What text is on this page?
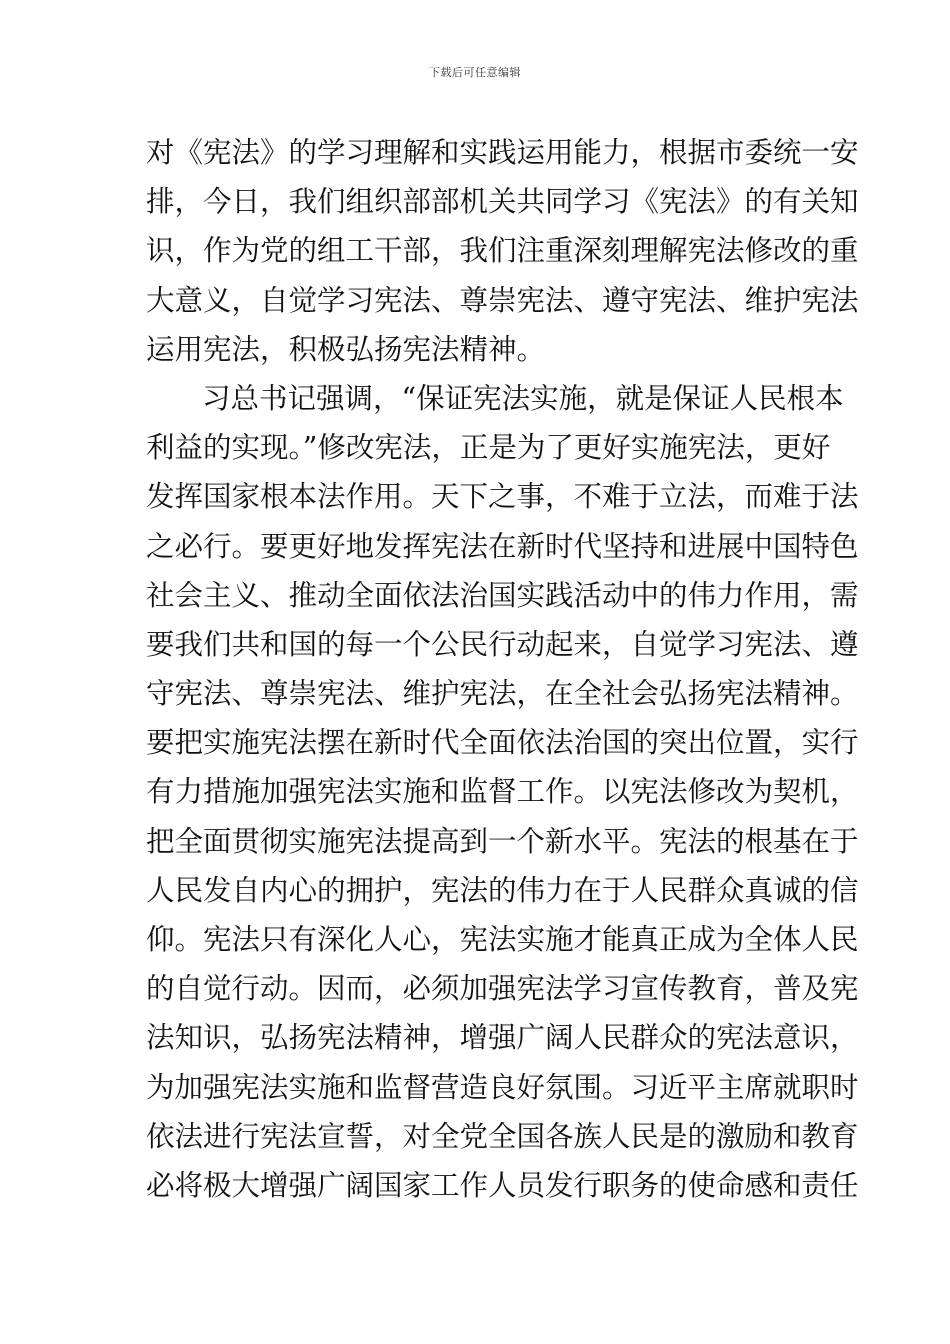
下载后可任意编辑
对《宪法》的学习理解和实践运用能力，根据市委统一安
排，今日，我们组织部部机关共同学习《宪法》的有关知
识，作为党的组工干部，我们注重深刻理解宪法修改的重
大意义，自觉学习宪法、尊崇宪法、遵守宪法、维护宪法
运用宪法，积极弘扬宪法精神。
习总书记强调，“保证宪法实施，就是保证人民根本
利益的实现。”修改宪法，正是为了更好实施宪法，更好
发挥国家根本法作用。天下之事，不难于立法，而难于法
之必行。要更好地发挥宪法在新时代坚持和进展中国特色
社会主义、推动全面依法治国实践活动中的伟力作用，需
要我们共和国的每一个公民行动起来，自觉学习宪法、遵
守宪法、尊崇宪法、维护宪法，在全社会弘扬宪法精神。
要把实施宪法摆在新时代全面依法治国的突出位置，实行
有力措施加强宪法实施和监督工作。以宪法修改为契机，
把全面贯彻实施宪法提高到一个新水平。宪法的根基在于
人民发自内心的拥护，宪法的伟力在于人民群众真诚的信
仰。宪法只有深化人心，宪法实施才能真正成为全体人民
的自觉行动。因而，必须加强宪法学习宣传教育，普及宪
法知识，弘扬宪法精神，增强广阔人民群众的宪法意识，
为加强宪法实施和监督营造良好氛围。习近平主席就职时
依法进行宪法宣誓，对全党全国各族人民是的激励和教育
必将极大增强广阔国家工作人员发行职务的使命感和责任
